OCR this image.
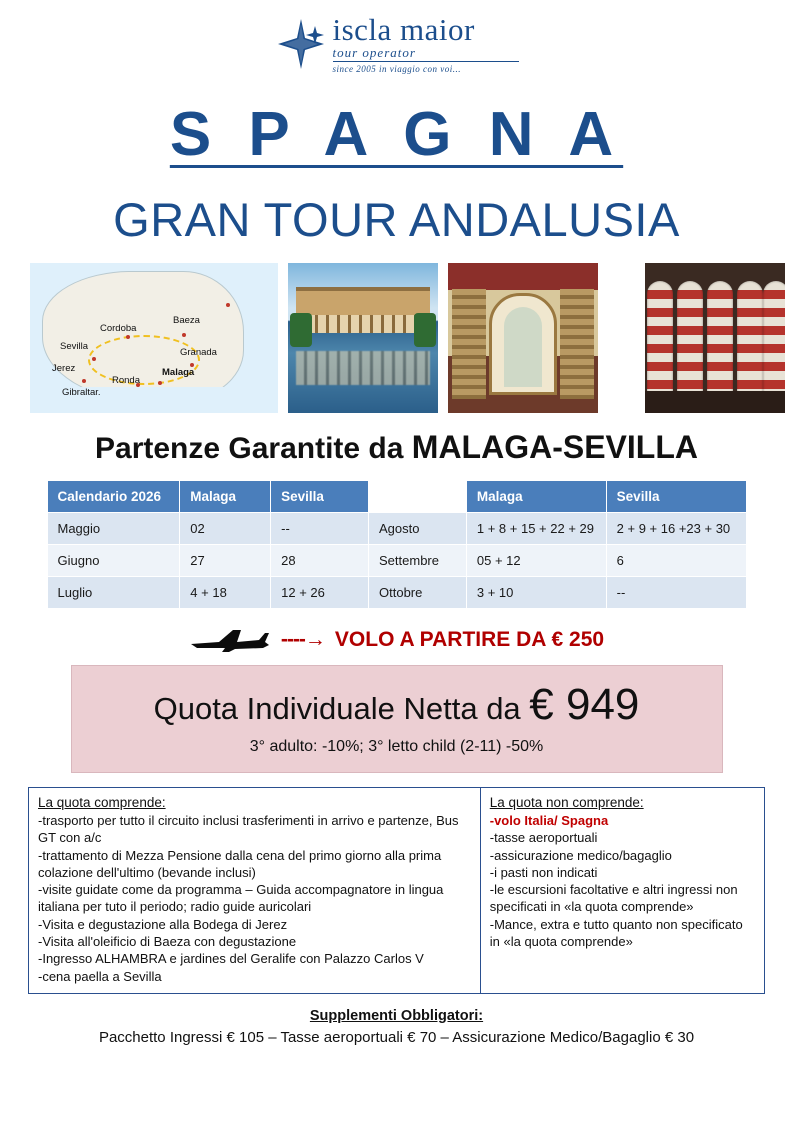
iscla maior
tour operator
since 2005 in viaggio con voi...
S P A G N A
GRAN TOUR ANDALUSIA
Cordoba
Baeza
Sevilla
Granada
Jerez
Ronda
Malaga
Gibraltar.
Partenze Garantite da MALAGA-SEVILLA
Calendario 2026	Malaga	Sevilla		Malaga	Sevilla
Maggio	02	--	Agosto	1 + 8 + 15 + 22 + 29	2 + 9 + 16 +23 + 30
Giugno	27	28	Settembre	05 + 12	6
Luglio	4 + 18	12 + 26	Ottobre	3 + 10	--
----→ VOLO A PARTIRE DA € 250
Quota Individuale Netta da € 949
3° adulto: -10%; 3° letto child (2-11) -50%
La quota comprende:
-trasporto per tutto il circuito inclusi trasferimenti in arrivo e partenze, Bus GT con a/c
-trattamento di Mezza Pensione dalla cena del primo giorno alla prima colazione dell'ultimo (bevande inclusi)
-visite guidate come da programma – Guida accompagnatore in lingua italiana per tuto il periodo; radio guide auricolari
-Visita e degustazione alla Bodega di Jerez
-Visita all'oleificio di Baeza con degustazione
-Ingresso ALHAMBRA e jardines del Geralife con Palazzo Carlos V
-cena paella a Sevilla
La quota non comprende:
-volo Italia/ Spagna
-tasse aeroportuali
-assicurazione medico/bagaglio
-i pasti non indicati
-le escursioni facoltative e altri ingressi non specificati in «la quota comprende»
-Mance, extra e tutto quanto non specificato in «la quota comprende»
Supplementi Obbligatori:
Pacchetto Ingressi € 105 – Tasse aeroportuali € 70 – Assicurazione Medico/Bagaglio € 30
